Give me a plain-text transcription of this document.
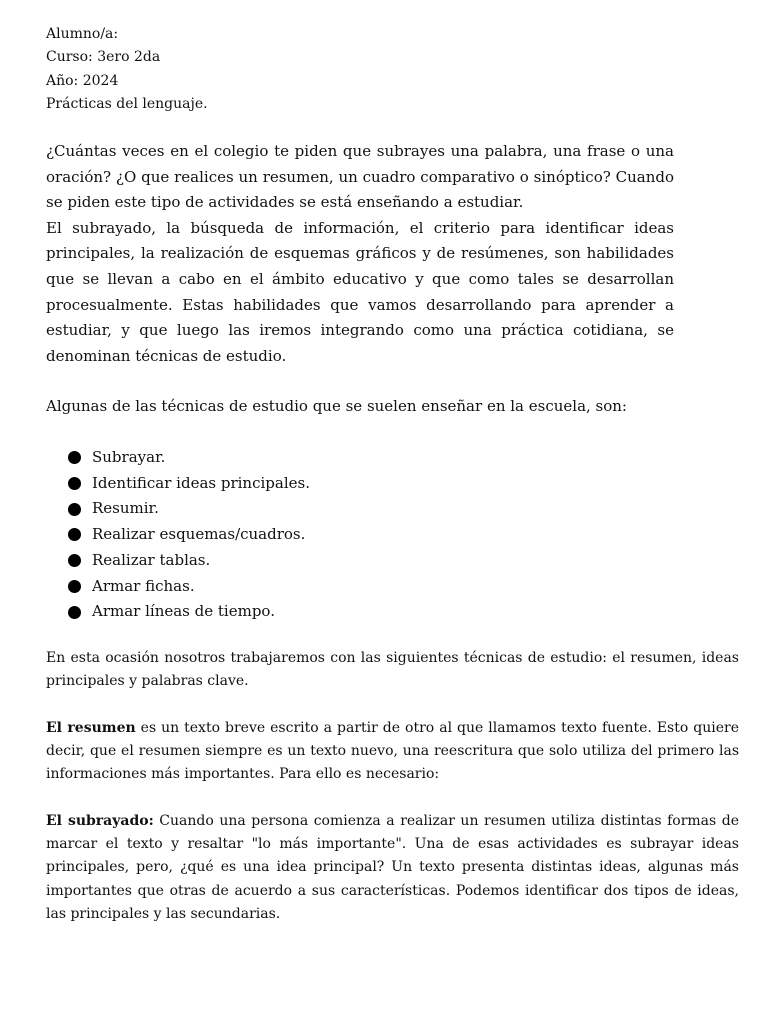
Alumno/a:
Curso: 3ero 2da
Año: 2024
Prácticas del lenguaje.

¿Cuántas veces en el colegio te piden que subrayes una palabra, una frase o una oración? ¿O que realices un resumen, un cuadro comparativo o sinóptico? Cuando se piden este tipo de actividades se está enseñando a estudiar.

El subrayado, la búsqueda de información, el criterio para identificar ideas principales, la realización de esquemas gráficos y de resúmenes, son habilidades que se llevan a cabo en el ámbito educativo y que como tales se desarrollan procesualmente. Estas habilidades que vamos desarrollando para aprender a estudiar, y que luego las iremos integrando como una práctica cotidiana, se denominan técnicas de estudio.

Algunas de las técnicas de estudio que se suelen enseñar en la escuela, son:
Subrayar.
Identificar ideas principales.
Resumir.
Realizar esquemas/cuadros.
Realizar tablas.
Armar fichas.
Armar líneas de tiempo.

En esta ocasión nosotros trabajaremos con las siguientes técnicas de estudio: el resumen, ideas principales y palabras clave.

El resumen es un texto breve escrito a partir de otro al que llamamos texto fuente. Esto quiere decir, que el resumen siempre es un texto nuevo, una reescritura que solo utiliza del primero las informaciones más importantes. Para ello es necesario:

El subrayado: Cuando una persona comienza a realizar un resumen utiliza distintas formas de marcar el texto y resaltar "lo más importante". Una de esas actividades es subrayar ideas principales, pero, ¿qué es una idea principal? Un texto presenta distintas ideas, algunas más importantes que otras de acuerdo a sus características. Podemos identificar dos tipos de ideas, las principales y las secundarias.
